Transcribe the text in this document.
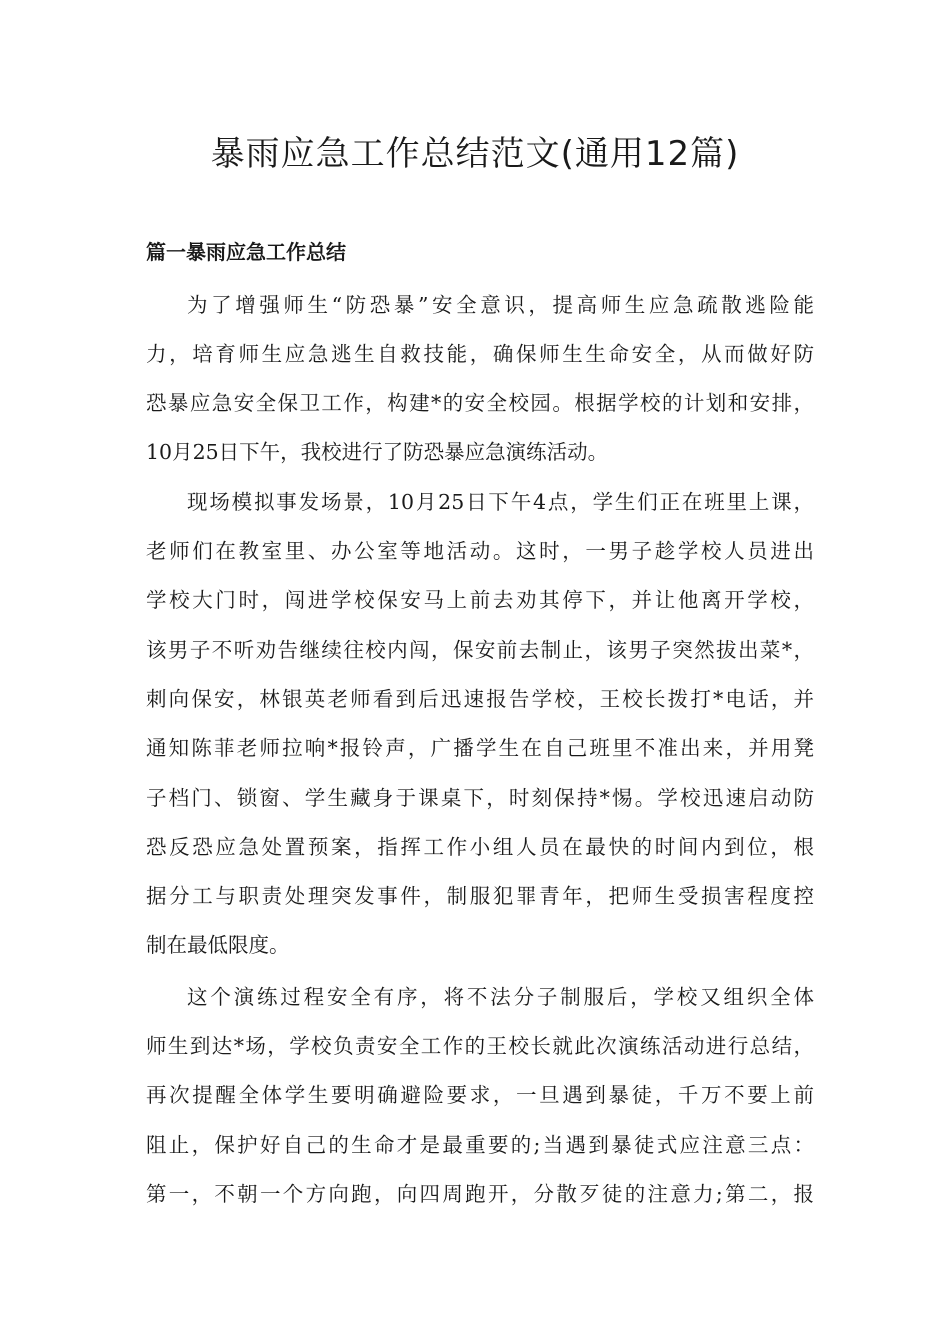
暴雨应急工作总结范文(通用12篇)
篇一暴雨应急工作总结

为了增强师生“防恐暴”安全意识，提高师生应急疏散逃险能

力，培育师生应急逃生自救技能，确保师生生命安全，从而做好防

恐暴应急安全保卫工作，构建*的安全校园。根据学校的计划和安排，

10月25日下午，我校进行了防恐暴应急演练活动。

现场模拟事发场景，10月25日下午4点，学生们正在班里上课，

老师们在教室里、办公室等地活动。这时，一男子趁学校人员进出

学校大门时，闯进学校保安马上前去劝其停下，并让他离开学校，

该男子不听劝告继续往校内闯，保安前去制止，该男子突然拔出菜*，

刺向保安，林银英老师看到后迅速报告学校，王校长拨打*电话，并

通知陈菲老师拉响*报铃声，广播学生在自己班里不准出来，并用凳

子档门、锁窗、学生藏身于课桌下，时刻保持*惕。学校迅速启动防

恐反恐应急处置预案，指挥工作小组人员在最快的时间内到位，根

据分工与职责处理突发事件，制服犯罪青年，把师生受损害程度控

制在最低限度。

这个演练过程安全有序，将不法分子制服后，学校又组织全体

师生到达*场，学校负责安全工作的王校长就此次演练活动进行总结，

再次提醒全体学生要明确避险要求，一旦遇到暴徒，千万不要上前

阻止，保护好自己的生命才是最重要的;当遇到暴徒式应注意三点：

第一，不朝一个方向跑，向四周跑开，分散歹徒的注意力;第二，报
